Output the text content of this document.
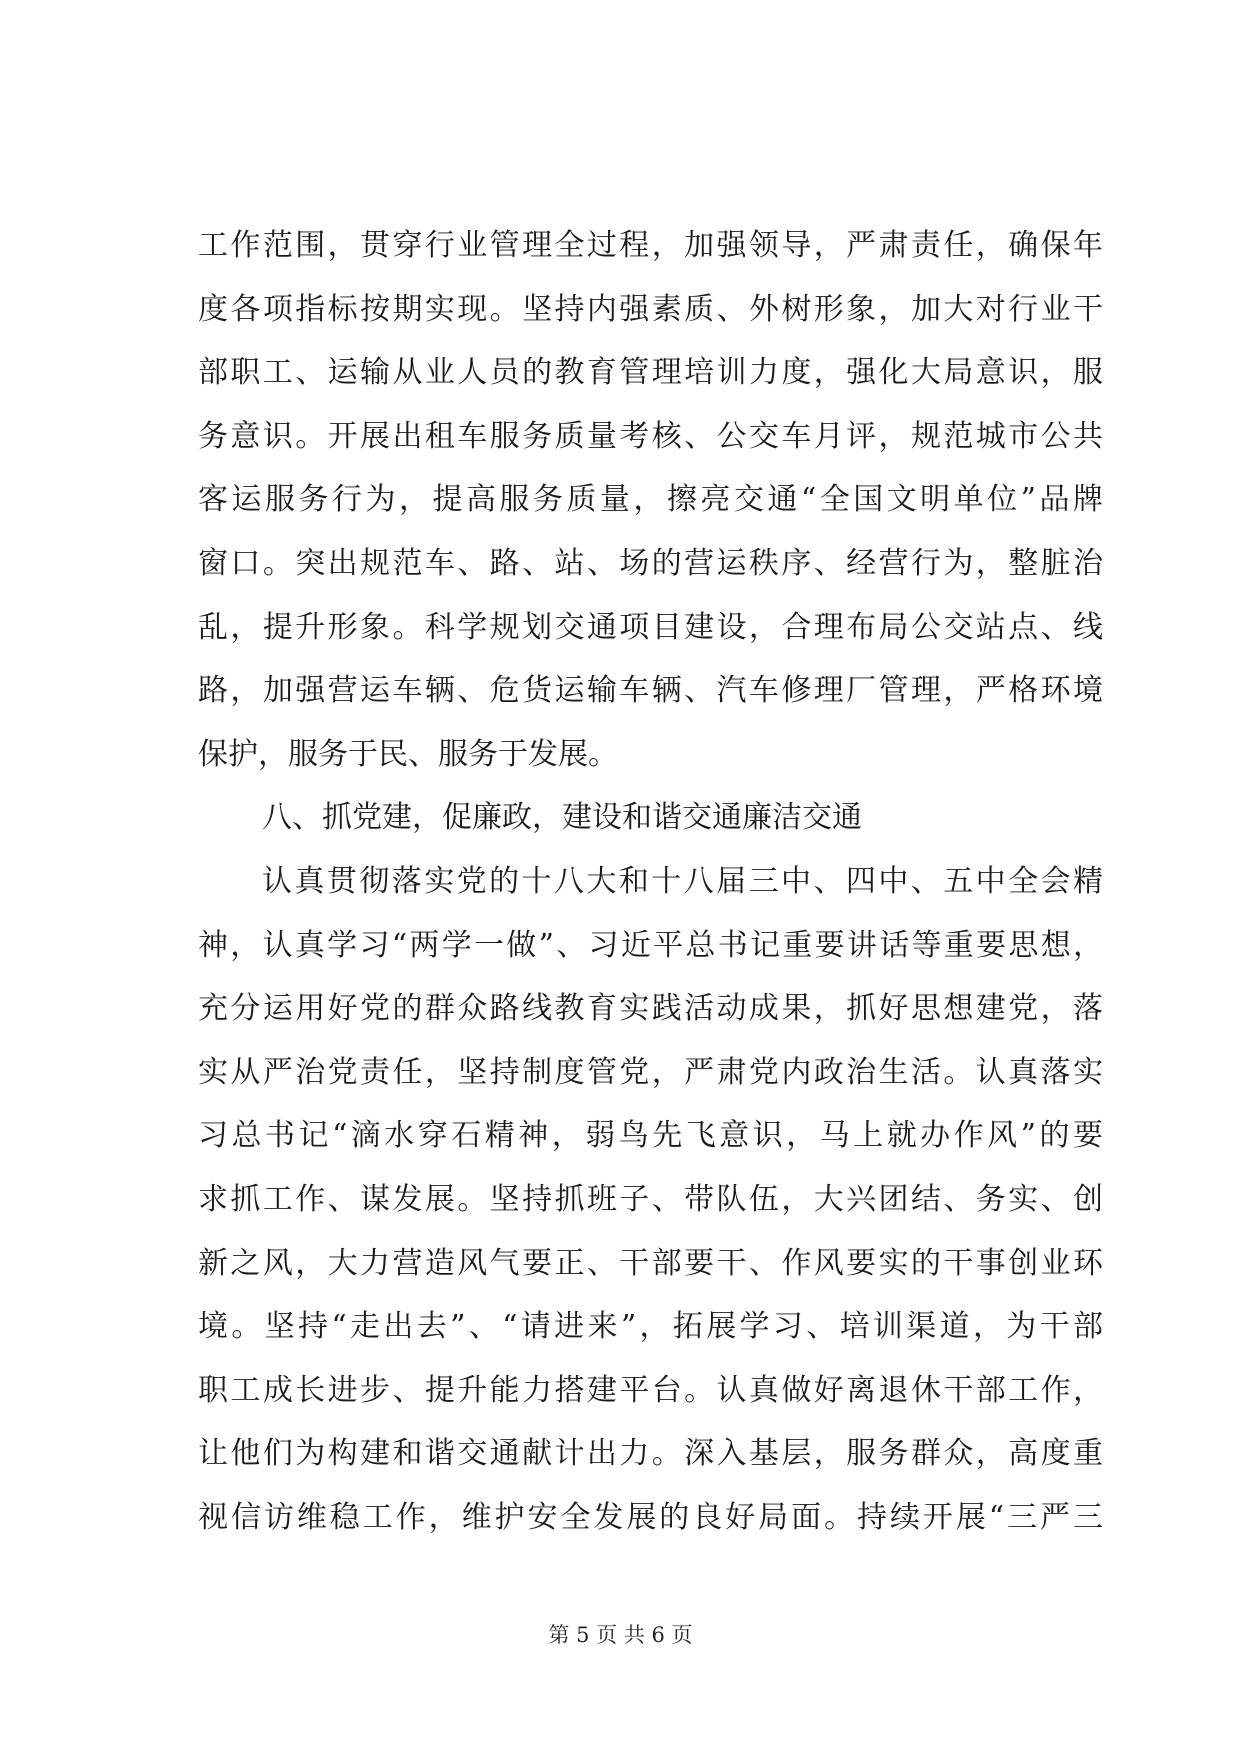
工作范围，贯穿行业管理全过程，加强领导，严肃责任，确保年
度各项指标按期实现。坚持内强素质、外树形象，加大对行业干
部职工、运输从业人员的教育管理培训力度，强化大局意识，服
务意识。开展出租车服务质量考核、公交车月评，规范城市公共
客运服务行为，提高服务质量，擦亮交通“全国文明单位”品牌
窗口。突出规范车、路、站、场的营运秩序、经营行为，整脏治
乱，提升形象。科学规划交通项目建设，合理布局公交站点、线
路，加强营运车辆、危货运输车辆、汽车修理厂管理，严格环境
保护，服务于民、服务于发展。
八、抓党建，促廉政，建设和谐交通廉洁交通
认真贯彻落实党的十八大和十八届三中、四中、五中全会精
神，认真学习“两学一做”、习近平总书记重要讲话等重要思想，
充分运用好党的群众路线教育实践活动成果，抓好思想建党，落
实从严治党责任，坚持制度管党，严肃党内政治生活。认真落实
习总书记“滴水穿石精神，弱鸟先飞意识，马上就办作风”的要
求抓工作、谋发展。坚持抓班子、带队伍，大兴团结、务实、创
新之风，大力营造风气要正、干部要干、作风要实的干事创业环
境。坚持“走出去”、“请进来”，拓展学习、培训渠道，为干部
职工成长进步、提升能力搭建平台。认真做好离退休干部工作，
让他们为构建和谐交通献计出力。深入基层，服务群众，高度重
视信访维稳工作，维护安全发展的良好局面。持续开展“三严三
第 5 页 共 6 页
